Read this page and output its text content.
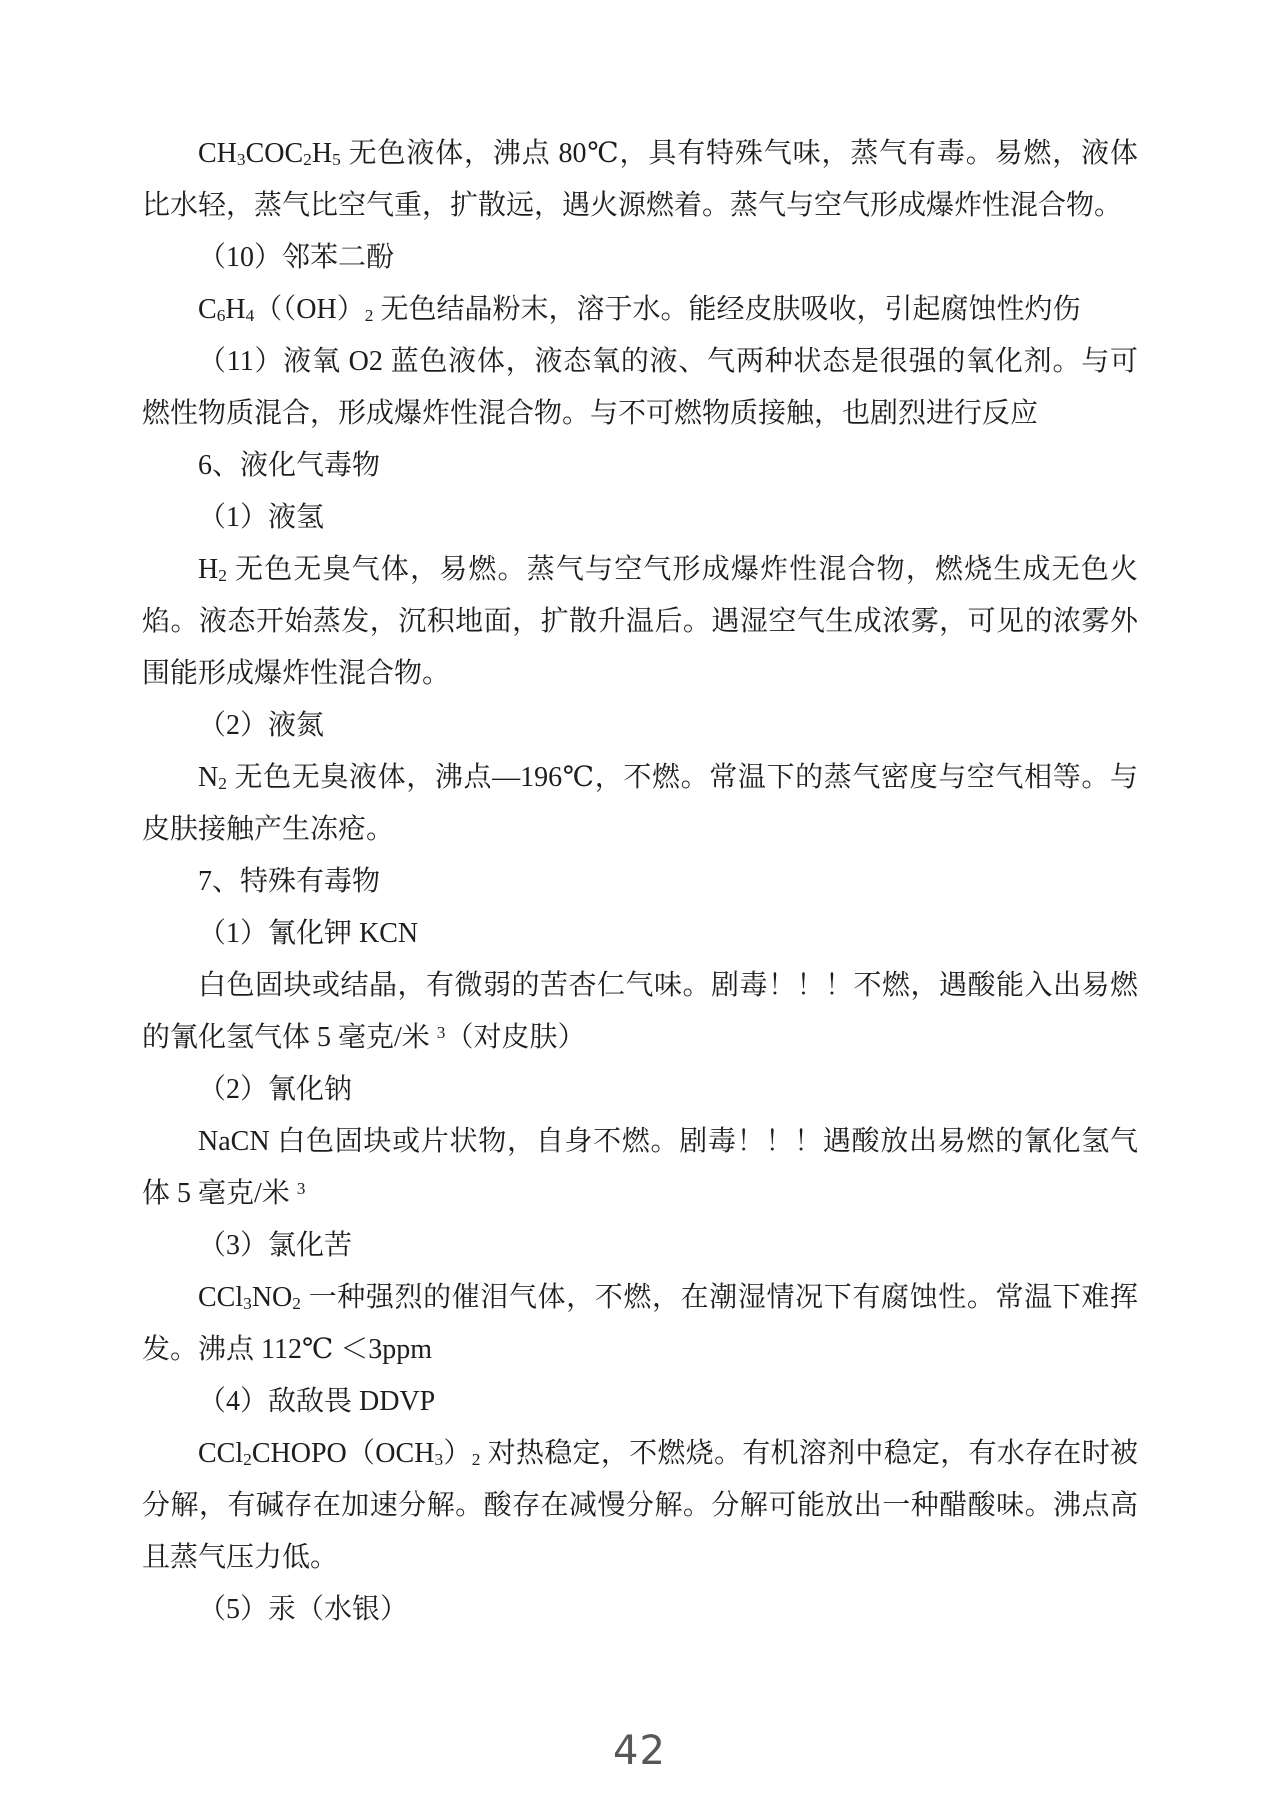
$CH_3COC_2H_5$ 无色液体，沸点 80℃，具有特殊气味，蒸气有毒。易燃，液体比水轻，蒸气比空气重，扩散远，遇火源燃着。蒸气与空气形成爆炸性混合物。

（10）邻苯二酚

$C_6H_4((OH)_2$ 无色结晶粉末，溶于水。能经皮肤吸收，引起腐蚀性灼伤

（11）液氧 O2 蓝色液体，液态氧的液、气两种状态是很强的氧化剂。与可燃性物质混合，形成爆炸性混合物。与不可燃物质接触，也剧烈进行反应

6、液化气毒物

（1）液氢

$H_2$ 无色无臭气体，易燃。蒸气与空气形成爆炸性混合物，燃烧生成无色火焰。液态开始蒸发，沉积地面，扩散升温后。遇湿空气生成浓雾，可见的浓雾外围能形成爆炸性混合物。

（2）液氮

$N_2$ 无色无臭液体，沸点—196℃，不燃。常温下的蒸气密度与空气相等。与皮肤接触产生冻疮。

7、特殊有毒物

（1）氰化钾 KCN

白色固块或结晶，有微弱的苦杏仁气味。剧毒！！！不燃，遇酸能入出易燃的氰化氢气体 5 毫克/米 $^3$（对皮肤）

（2）氰化钠

NaCN 白色固块或片状物，自身不燃。剧毒！！！遇酸放出易燃的氰化氢气体 5 毫克/米 $^3$

（3）氯化苦

$CCl_3NO_2$ 一种强烈的催泪气体，不燃，在潮湿情况下有腐蚀性。常温下难挥发。沸点 112℃ ＜3ppm

（4）敌敌畏 DDVP

$CCl_2CHOPO(OCH_3)_2$ 对热稳定，不燃烧。有机溶剂中稳定，有水存在时被分解，有碱存在加速分解。酸存在减慢分解。分解可能放出一种醋酸味。沸点高且蒸气压力低。

（5）汞（水银）

42
